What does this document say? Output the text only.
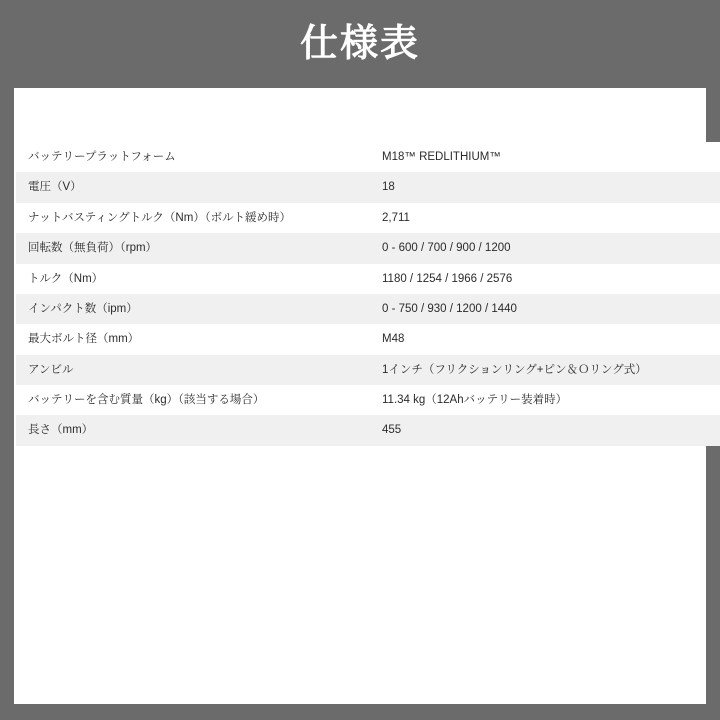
仕様表
バッテリープラットフォーム	M18™ REDLITHIUM™
電圧（V）	18
ナットバスティングトルク（Nm）（ボルト緩め時）	2,711
回転数（無負荷）（rpm）	0 - 600 / 700 / 900 / 1200
トルク（Nm）	1180 / 1254 / 1966 / 2576
インパクト数（ipm）	0 - 750 / 930 / 1200 / 1440
最大ボルト径（mm）	M48
アンビル	1インチ（フリクションリング+ピン＆Ｏリング式）
バッテリーを含む質量（kg）（該当する場合）	11.34 kg（12Ahバッテリー装着時）
長さ（mm）	455
